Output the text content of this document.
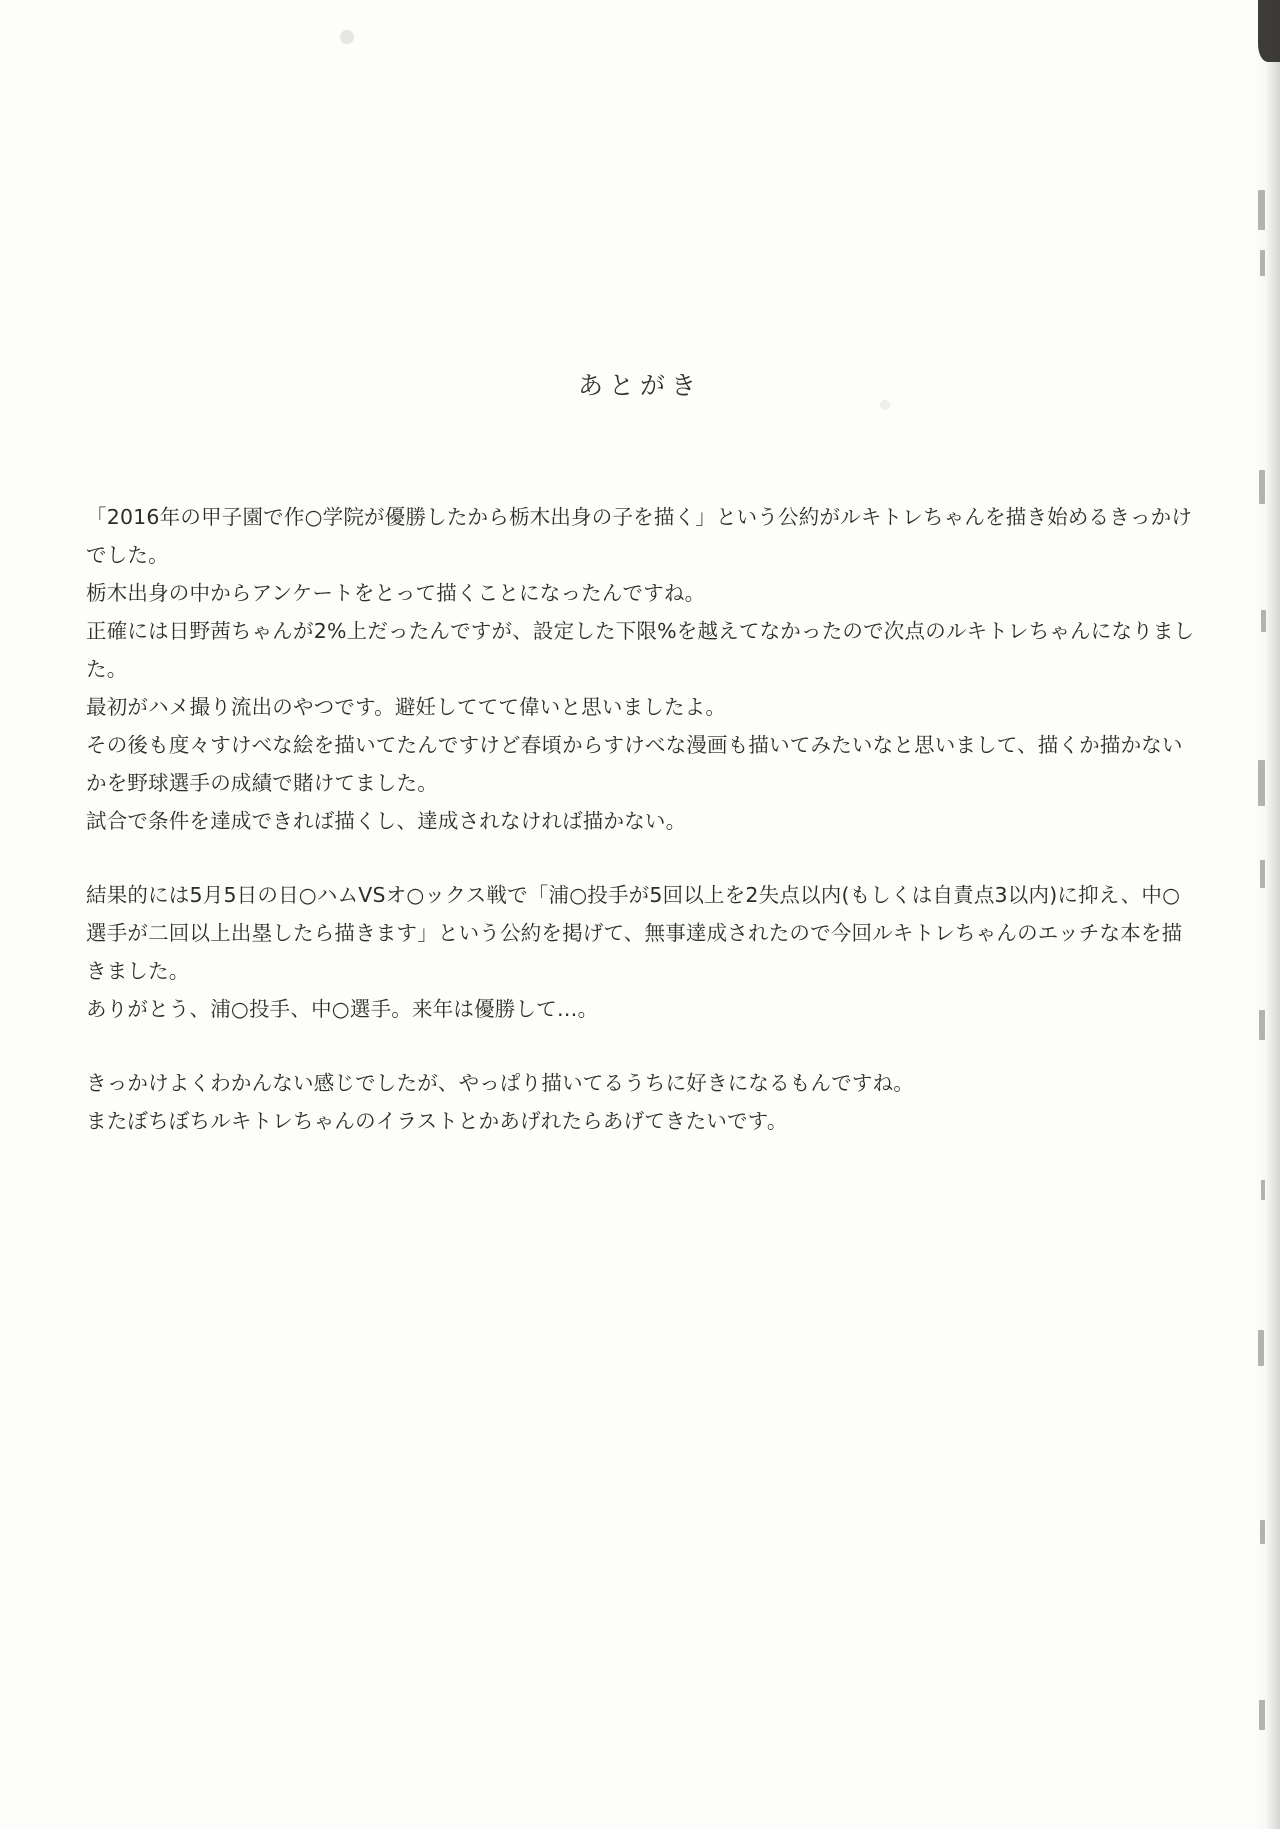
あとがき

「2016年の甲子園で作○学院が優勝したから栃木出身の子を描く」という公約がルキトレちゃんを描き始めるきっかけでした。

栃木出身の中からアンケートをとって描くことになったんですね。

正確には日野茜ちゃんが2%上だったんですが、設定した下限%を越えてなかったので次点のルキトレちゃんになりました。

最初がハメ撮り流出のやつです。避妊しててて偉いと思いましたよ。

その後も度々すけべな絵を描いてたんですけど春頃からすけべな漫画も描いてみたいなと思いまして、描くか描かないかを野球選手の成績で賭けてました。

試合で条件を達成できれば描くし、達成されなければ描かない。

結果的には5月5日の日○ハムVSオ○ックス戦で「浦○投手が5回以上を2失点以内(もしくは自責点3以内)に抑え、中○選手が二回以上出塁したら描きます」という公約を掲げて、無事達成されたので今回ルキトレちゃんのエッチな本を描きました。

ありがとう、浦○投手、中○選手。来年は優勝して…。

きっかけよくわかんない感じでしたが、やっぱり描いてるうちに好きになるもんですね。

またぼちぼちルキトレちゃんのイラストとかあげれたらあげてきたいです。
